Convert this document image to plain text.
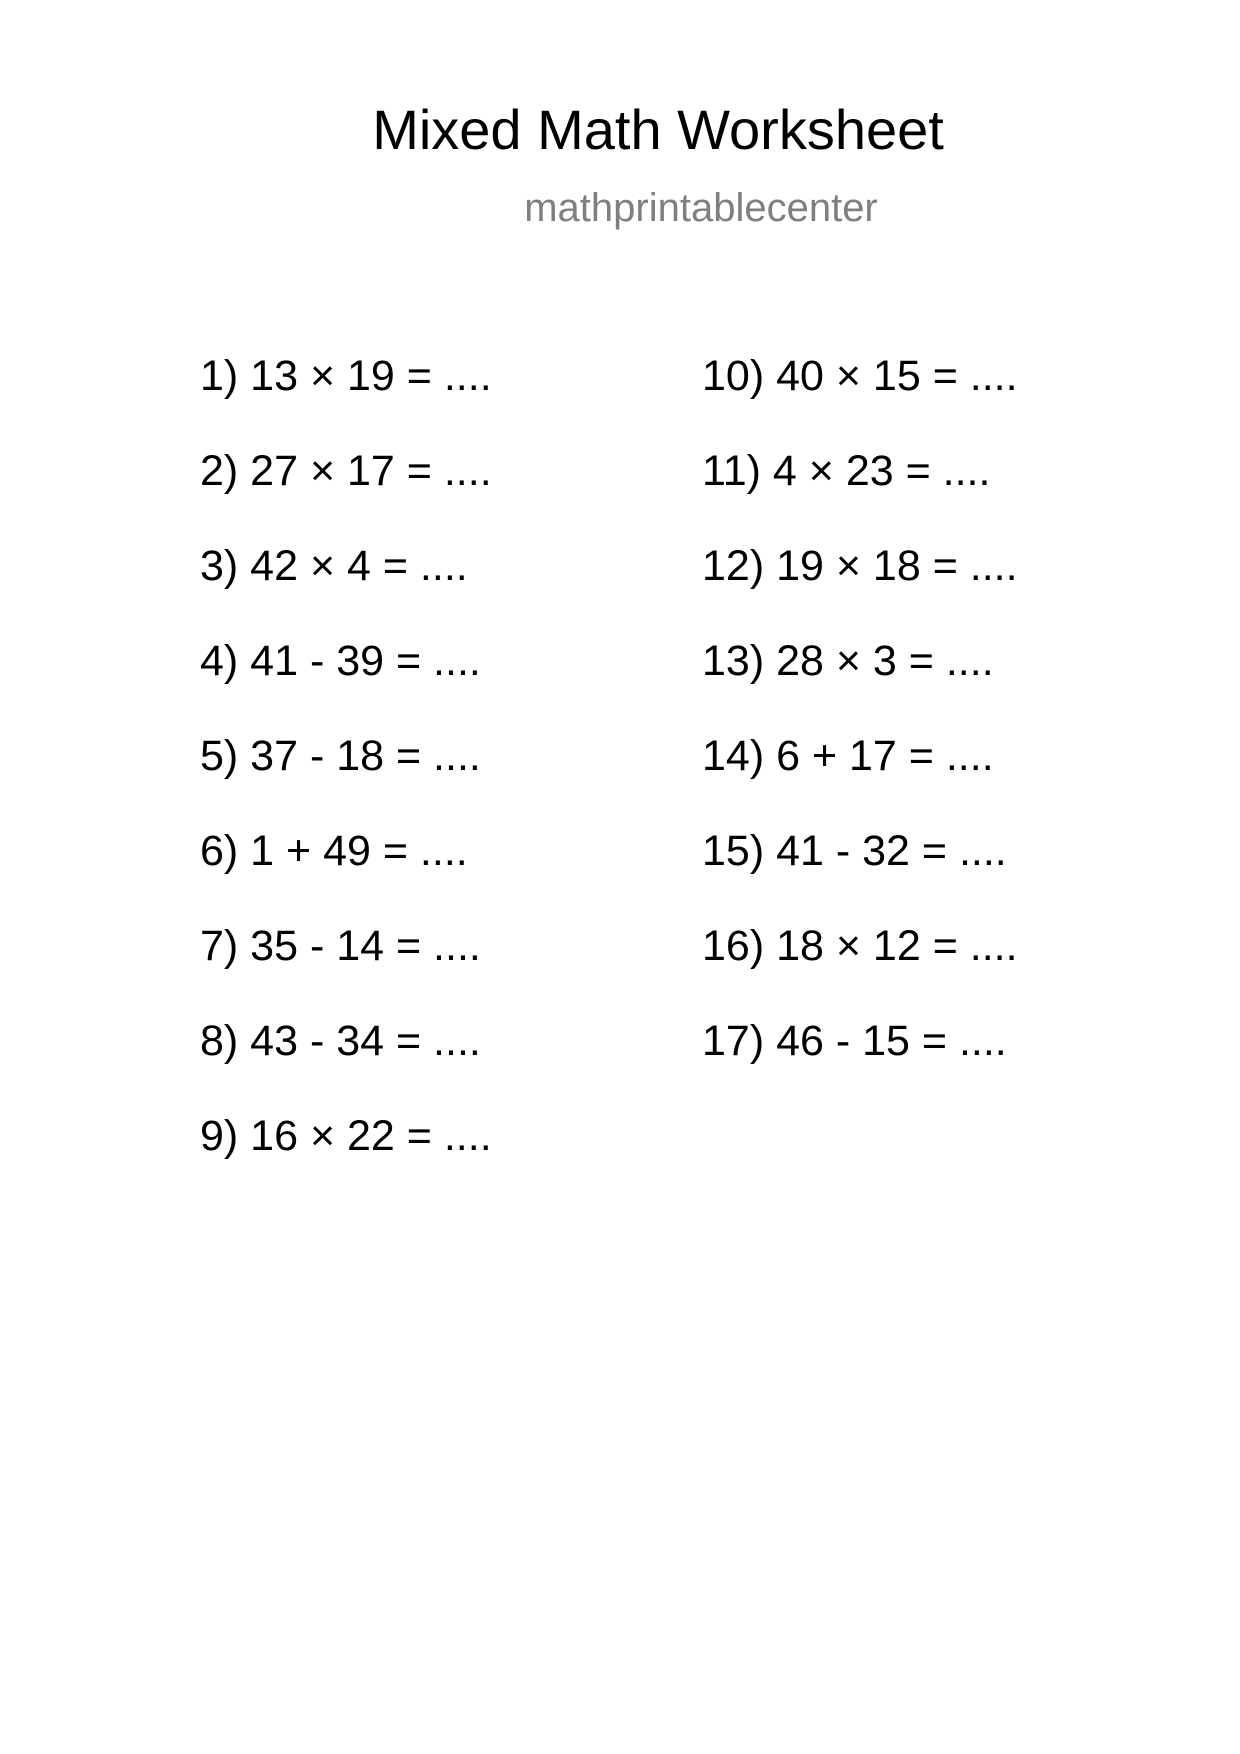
Mixed Math Worksheet
mathprintablecenter
1) 13 × 19 = ....
2) 27 × 17 = ....
3) 42 × 4 = ....
4) 41 - 39 = ....
5) 37 - 18 = ....
6) 1 + 49 = ....
7) 35 - 14 = ....
8) 43 - 34 = ....
9) 16 × 22 = ....
10) 40 × 15 = ....
11) 4 × 23 = ....
12) 19 × 18 = ....
13) 28 × 3 = ....
14) 6 + 17 = ....
15) 41 - 32 = ....
16) 18 × 12 = ....
17) 46 - 15 = ....
